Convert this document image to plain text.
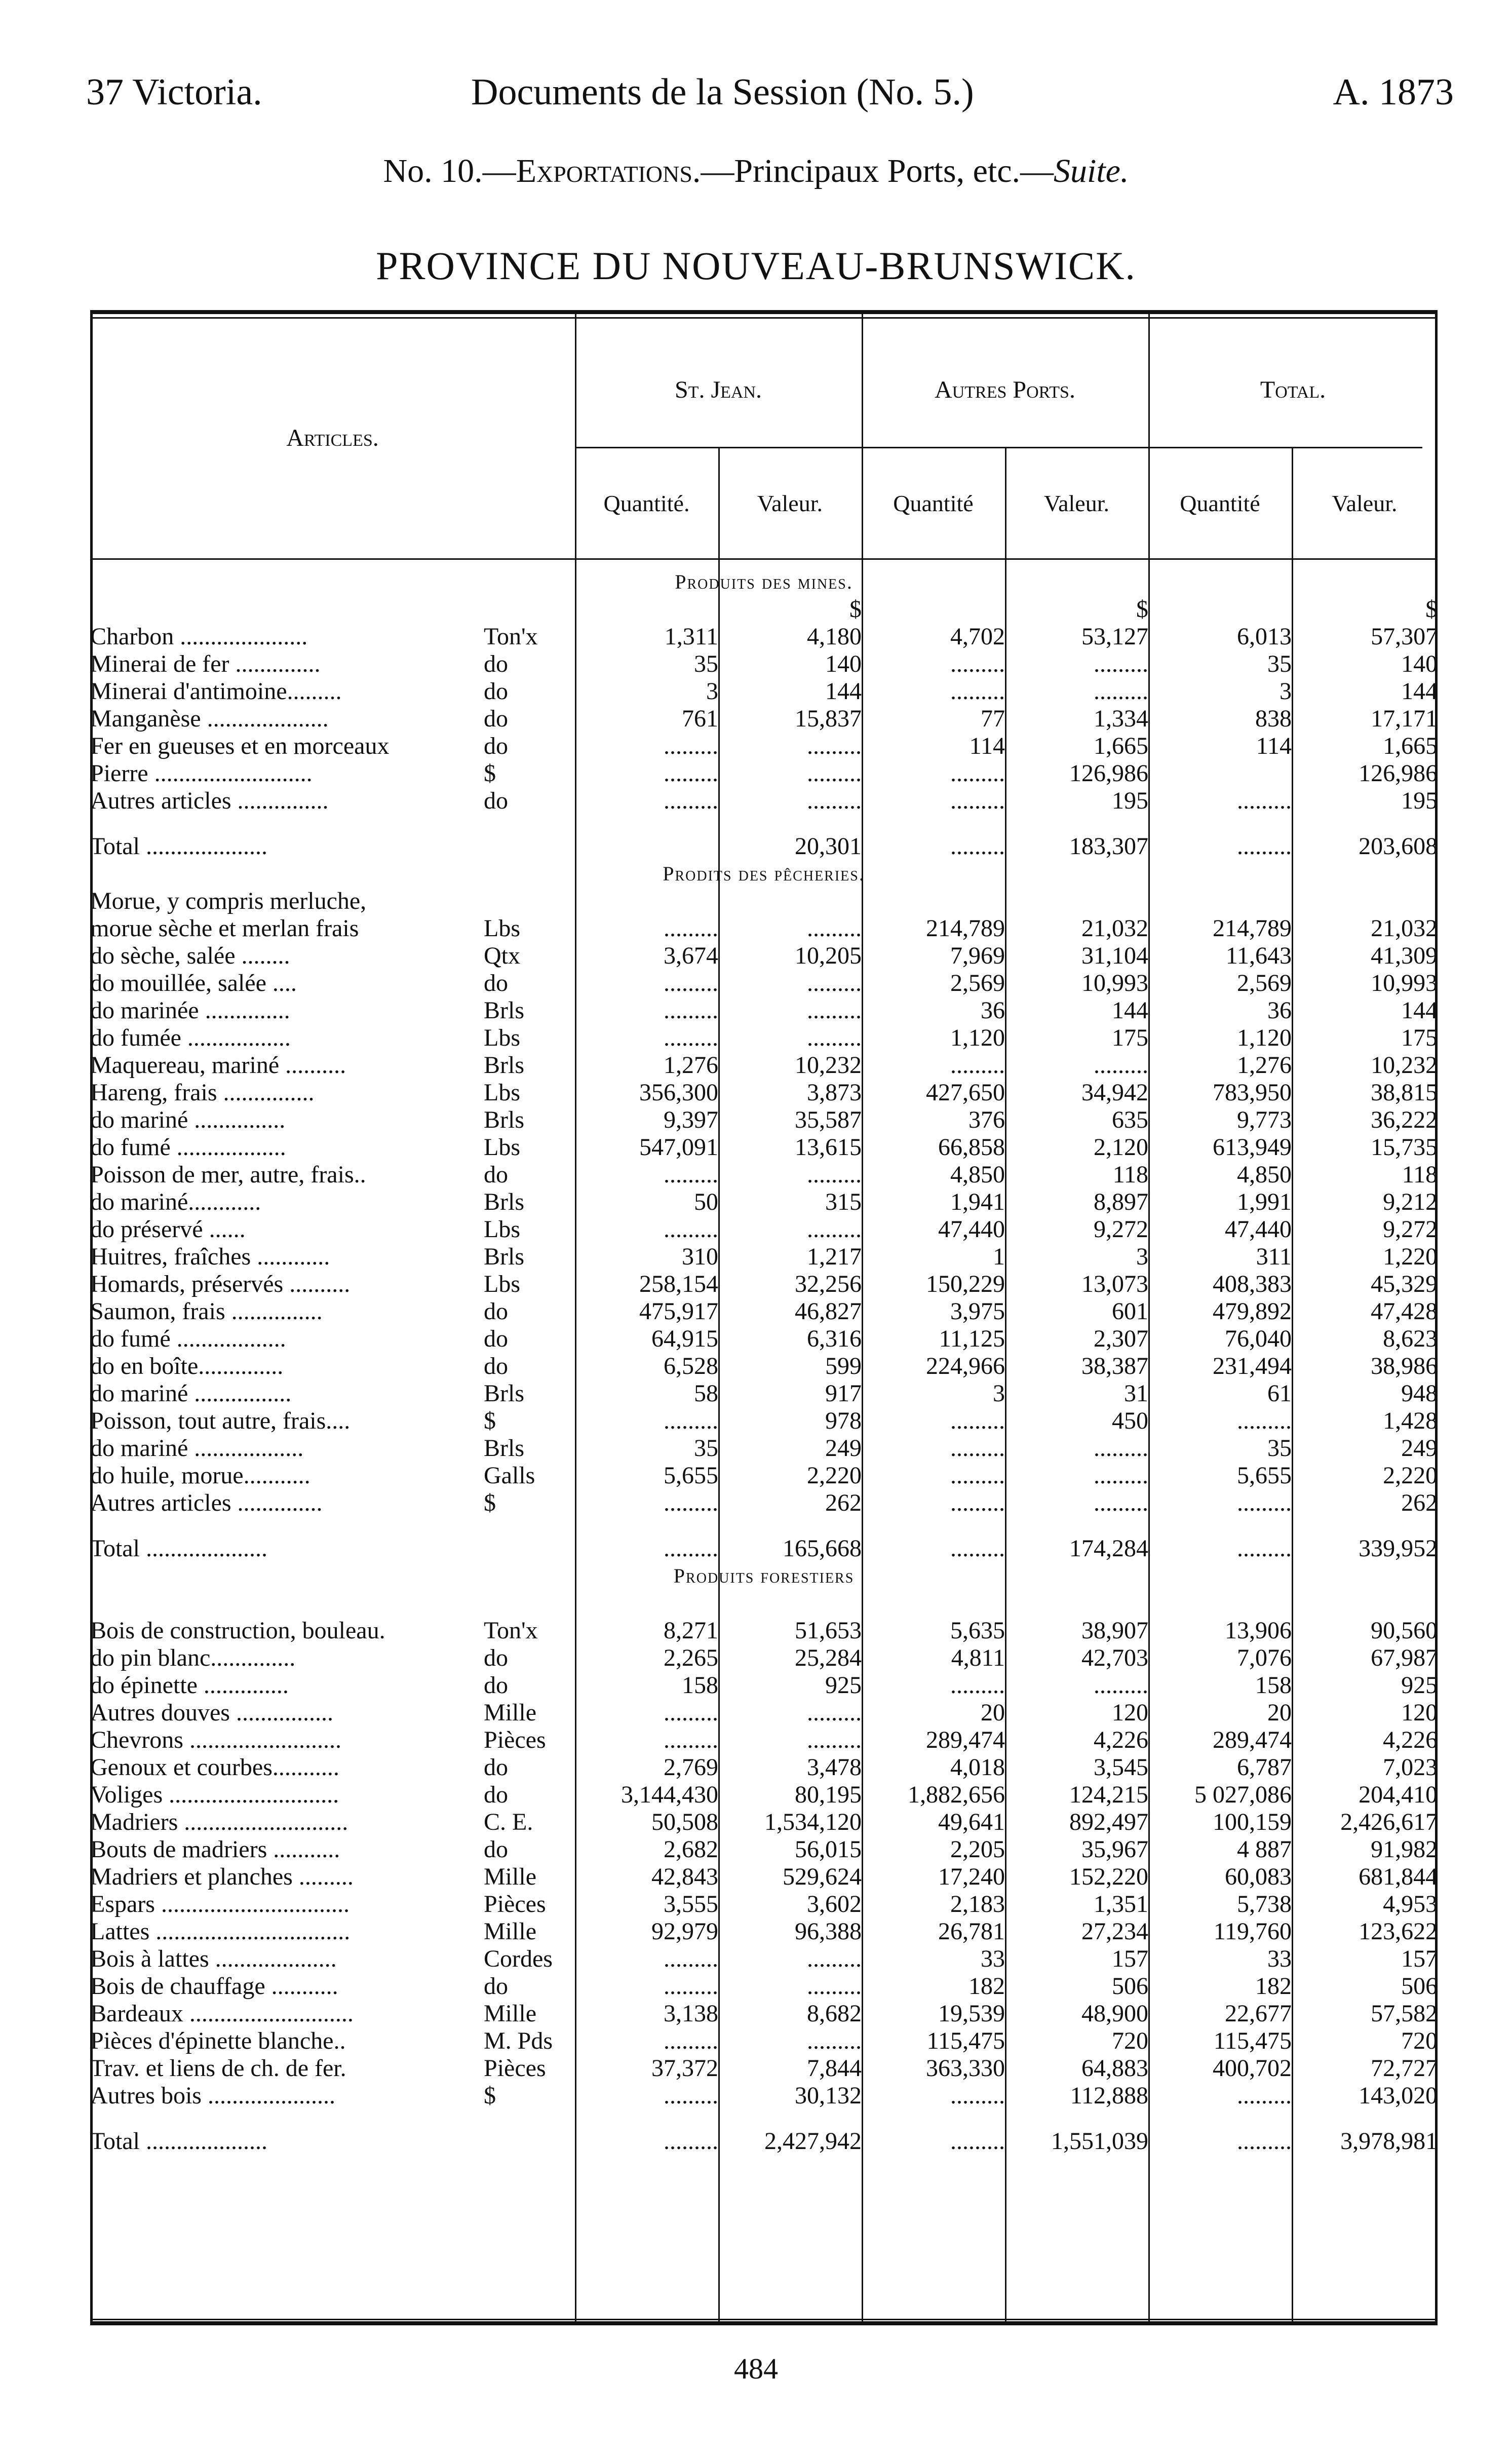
37 Victoria.	Documents de la Session (No. 5.)	A. 1873
No. 10.—Exportations.—Principaux Ports, etc.—Suite.
PROVINCE DU NOUVEAU-BRUNSWICK.
Articles.
St. Jean.	Autres Ports.	Total.
Quantité.	Valeur.	Quantité	Valeur.	Quantité	Valeur.
Produits des mines.							
			$		$		$
Charbon .....................	Ton'x	1,311	4,180	4,702	53,127	6,013	57,307
Minerai de fer ..............	do	35	140	.........	.........	35	140
Minerai d'antimoine.........	do	3	144	.........	.........	3	144
Manganèse ....................	do	761	15,837	77	1,334	838	17,171
Fer en gueuses et en morceaux	do	.........	.........	114	1,665	114	1,665
Pierre ..........................	$	.........	.........	.........	126,986		126,986
Autres articles ...............	do	.........	.........	.........	195	.........	195
Total ....................			20,301	.........	183,307	.........	203,608
Prodits des pêcheries.							
Morue, y compris merluche,							
morue sèche et merlan frais	Lbs	.........	.........	214,789	21,032	214,789	21,032
do sèche, salée ........	Qtx	3,674	10,205	7,969	31,104	11,643	41,309
do mouillée, salée ....	do	.........	.........	2,569	10,993	2,569	10,993
do marinée ..............	Brls	.........	.........	36	144	36	144
do fumée .................	Lbs	.........	.........	1,120	175	1,120	175
Maquereau, mariné ..........	Brls	1,276	10,232	.........	.........	1,276	10,232
Hareng, frais ...............	Lbs	356,300	3,873	427,650	34,942	783,950	38,815
do mariné ...............	Brls	9,397	35,587	376	635	9,773	36,222
do fumé ..................	Lbs	547,091	13,615	66,858	2,120	613,949	15,735
Poisson de mer, autre, frais..	do	.........	.........	4,850	118	4,850	118
do mariné............	Brls	50	315	1,941	8,897	1,991	9,212
do préservé ......	Lbs	.........	.........	47,440	9,272	47,440	9,272
Huitres, fraîches ............	Brls	310	1,217	1	3	311	1,220
Homards, préservés ..........	Lbs	258,154	32,256	150,229	13,073	408,383	45,329
Saumon, frais ...............	do	475,917	46,827	3,975	601	479,892	47,428
do fumé ..................	do	64,915	6,316	11,125	2,307	76,040	8,623
do en boîte..............	do	6,528	599	224,966	38,387	231,494	38,986
do mariné ................	Brls	58	917	3	31	61	948
Poisson, tout autre, frais....	$	.........	978	.........	450	.........	1,428
do mariné ..................	Brls	35	249	.........	.........	35	249
do huile, morue...........	Galls	5,655	2,220	.........	.........	5,655	2,220
Autres articles ..............	$	.........	262	.........	.........	.........	262
Total ....................		.........	165,668	.........	174,284	.........	339,952
Produits forestiers							

Bois de construction, bouleau.	Ton'x	8,271	51,653	5,635	38,907	13,906	90,560
do pin blanc..............	do	2,265	25,284	4,811	42,703	7,076	67,987
do épinette ..............	do	158	925	.........	.........	158	925
Autres douves ................	Mille	.........	.........	20	120	20	120
Chevrons .........................	Pièces	.........	.........	289,474	4,226	289,474	4,226
Genoux et courbes...........	do	2,769	3,478	4,018	3,545	6,787	7,023
Voliges ............................	do	3,144,430	80,195	1,882,656	124,215	5 027,086	204,410
Madriers ...........................	C. E.	50,508	1,534,120	49,641	892,497	100,159	2,426,617
Bouts de madriers ...........	do	2,682	56,015	2,205	35,967	4 887	91,982
Madriers et planches .........	Mille	42,843	529,624	17,240	152,220	60,083	681,844
Espars ...............................	Pièces	3,555	3,602	2,183	1,351	5,738	4,953
Lattes ................................	Mille	92,979	96,388	26,781	27,234	119,760	123,622
Bois à lattes ....................	Cordes	.........	.........	33	157	33	157
Bois de chauffage ...........	do	.........	.........	182	506	182	506
Bardeaux ...........................	Mille	3,138	8,682	19,539	48,900	22,677	57,582
Pièces d'épinette blanche..	M. Pds	.........	.........	115,475	720	115,475	720
Trav. et liens de ch. de fer.	Pièces	37,372	7,844	363,330	64,883	400,702	72,727
Autres bois .....................	$	.........	30,132	.........	112,888	.........	143,020
Total ....................		.........	2,427,942	.........	1,551,039	.........	3,978,981
484
